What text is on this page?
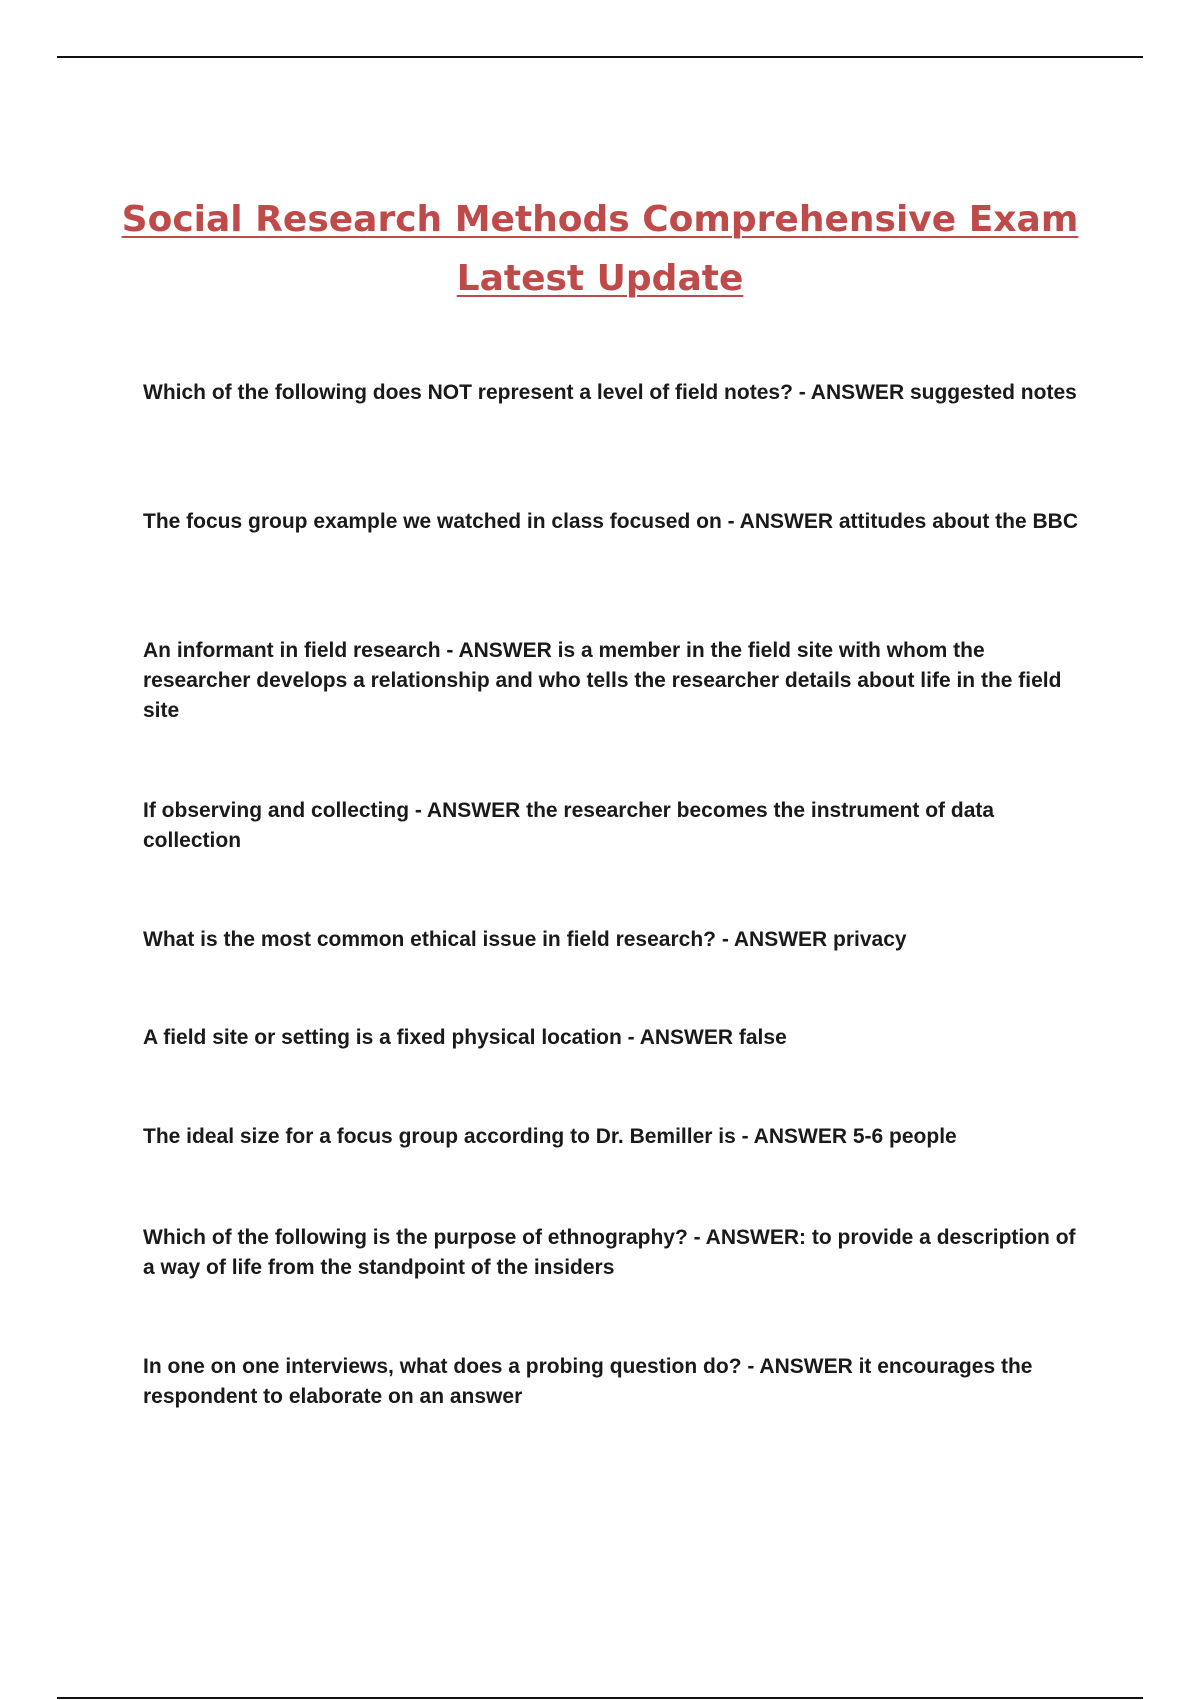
Social Research Methods Comprehensive Exam
Latest Update

Which of the following does NOT represent a level of field notes? - ANSWER suggested notes

The focus group example we watched in class focused on - ANSWER attitudes about the BBC

An informant in field research - ANSWER is a member in the field site with whom the researcher develops a relationship and who tells the researcher details about life in the field site

If observing and collecting - ANSWER the researcher becomes the instrument of data collection

What is the most common ethical issue in field research? - ANSWER privacy

A field site or setting is a fixed physical location - ANSWER false

The ideal size for a focus group according to Dr. Bemiller is - ANSWER 5-6 people

Which of the following is the purpose of ethnography? - ANSWER: to provide a description of a way of life from the standpoint of the insiders

In one on one interviews, what does a probing question do? - ANSWER it encourages the respondent to elaborate on an answer
